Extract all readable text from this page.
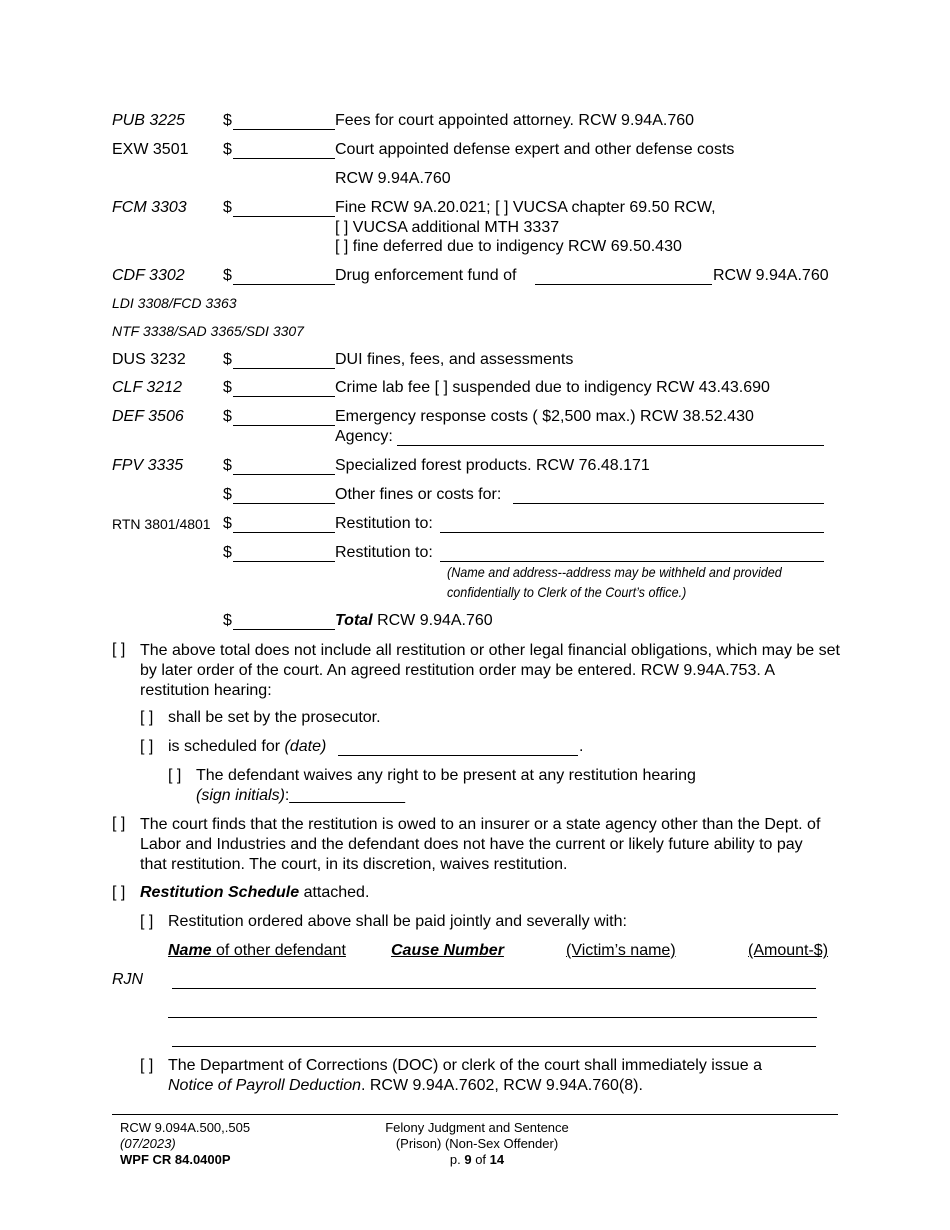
PUB 3225 $	Fees for court appointed attorney. RCW 9.94A.760
EXW 3501 $	Court appointed defense expert and other defense costs
RCW 9.94A.760
FCM 3303 $	Fine RCW 9A.20.021; [ ] VUCSA chapter 69.50 RCW,
[ ] VUCSA additional MTH 3337
[ ] fine deferred due to indigency RCW 69.50.430
CDF 3302 $	Drug enforcement fund of	RCW 9.94A.760
LDI 3308/FCD 3363
NTF 3338/SAD 3365/SDI 3307
DUS 3232 $	DUI fines, fees, and assessments
CLF 3212	$	Crime lab fee [ ] suspended due to indigency RCW 43.43.690
DEF 3506 $	Emergency response costs ( $2,500 max.) RCW 38.52.430
Agency:
FPV 3335 $	Specialized forest products. RCW 76.48.171
$	Other fines or costs for:
RTN 3801/4801 $	Restitution to:
$	Restitution to:
(Name and address--address may be withheld and provided
confidentially to Clerk of the Court’s office.)
$	Total RCW 9.94A.760
[ ] The above total does not include all restitution or other legal financial obligations, which may be set by later order of the court. An agreed restitution order may be entered. RCW 9.94A.753. A restitution hearing:
[ ] shall be set by the prosecutor.
[ ] is scheduled for (date)	.
[ ] The defendant waives any right to be present at any restitution hearing
(sign initials):_____________
[ ] The court finds that the restitution is owed to an insurer or a state agency other than the Dept. of Labor and Industries and the defendant does not have the current or likely future ability to pay that restitution. The court, in its discretion, waives restitution.
[ ] Restitution Schedule attached.
[ ] Restitution ordered above shall be paid jointly and severally with:
Name of other defendant	Cause Number	(Victim’s name)	(Amount-$)
RJN
[ ] The Department of Corrections (DOC) or clerk of the court shall immediately issue a
Notice of Payroll Deduction. RCW 9.94A.7602, RCW 9.94A.760(8).
RCW 9.094A.500,.505
(07/2023)
WPF CR 84.0400P
Felony Judgment and Sentence
(Prison) (Non-Sex Offender)
p. 9 of 14
